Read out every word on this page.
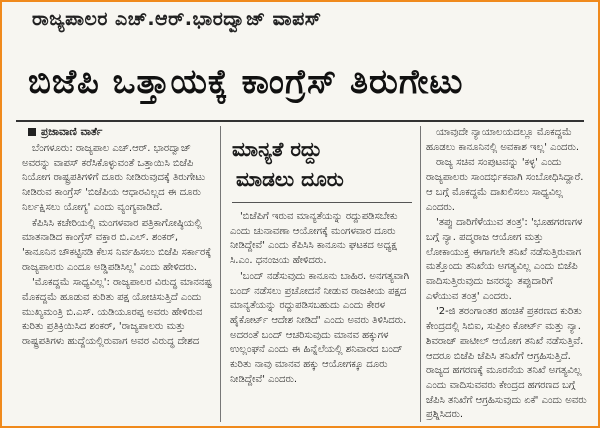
ರಾಜ್ಯಪಾಲರ ಎಚ್.ಆರ್.ಭಾರದ್ವಾಜ್ ವಾಪಸ್
ಬಿಜೆಪಿ ಒತ್ತಾಯಕ್ಕೆ ಕಾಂಗ್ರೆಸ್ ತಿರುಗೇಟು
ಪ್ರಜಾವಾಣಿ ವಾರ್ತೆ

ಬೆಂಗಳೂರು: ರಾಜ್ಯಪಾಲ ಎಚ್.ಆರ್. ಭಾರದ್ವಾಜ್ ಅವರನ್ನು ವಾಪಸ್ ಕರೆಸಿಕೊಳ್ಳುವಂತೆ ಒತ್ತಾಯಿಸಿ ಬಿಜೆಪಿ ನಿಯೋಗ ರಾಷ್ಟ್ರಪತಿಗಳಿಗೆ ದೂರು ನೀಡಿರುವುದಕ್ಕೆ ತಿರುಗೇಟು ನೀಡಿರುವ ಕಾಂಗ್ರೆಸ್ 'ಬಿಜೆಪಿಯ ಆಧಾರವಿಲ್ಲದ ಈ ದೂರು ನಿರ್ಲಕ್ಷಿಸಲು ಯೋಗ್ಯ' ಎಂದು ವ್ಯಂಗ್ಯವಾಡಿದೆ.

ಕೆಪಿಸಿಸಿ ಕಚೇರಿಯಲ್ಲಿ ಮಂಗಳವಾರ ಪತ್ರಿಕಾಗೋಷ್ಠಿಯಲ್ಲಿ ಮಾತನಾಡಿದ ಕಾಂಗ್ರೆಸ್ ವಕ್ತಾರ ಬಿ.ಎಲ್. ಶಂಕರ್, 'ಕಾನೂನಿನ ಚೌಕಟ್ಟಿನಡಿ ಕೆಲಸ ನಿರ್ವಹಿಸಲು ಬಿಜೆಪಿ ಸರ್ಕಾರಕ್ಕೆ ರಾಜ್ಯಪಾಲರು ಎಂದೂ ಅಡ್ಡಿಪಡಿಸಿಲ್ಲ' ಎಂದು ಹೇಳಿದರು.

'ಮೊಕದ್ದಮೆ ಸಾಧ್ಯವಿಲ್ಲ': ರಾಜ್ಯಪಾಲರ ವಿರುದ್ಧ ಮಾನನಷ್ಟ ಮೊಕದ್ದಮೆ ಹೂಡುವ ಕುರಿತು ಪಕ್ಷ ಯೋಚಿಸುತ್ತಿದೆ ಎಂದು ಮುಖ್ಯಮಂತ್ರಿ ಬಿ.ಎಸ್. ಯಡಿಯೂರಪ್ಪ ಅವರು ಹೇಳಿರುವ ಕುರಿತು ಪ್ರತಿಕ್ರಿಯಿಸಿದ ಶಂಕರ್, 'ರಾಜ್ಯಪಾಲರು ಮತ್ತು ರಾಷ್ಟ್ರಪತಿಗಳು ಹುದ್ದೆಯಲ್ಲಿರುವಾಗ ಅವರ ವಿರುದ್ಧ ದೇಶದ

ಮಾನ್ಯತೆ ರದ್ದು
ಮಾಡಲು ದೂರು

'ಬಿಜೆಪಿಗೆ ಇರುವ ಮಾನ್ಯತೆಯನ್ನು ರದ್ದುಪಡಿಸಬೇಕು ಎಂದು ಚುನಾವಣಾ ಆಯೋಗಕ್ಕೆ ಮಂಗಳವಾರ ದೂರು ನೀಡಿದ್ದೇವೆ' ಎಂದು ಕೆಪಿಸಿಸಿ ಕಾನೂನು ಘಟಕದ ಅಧ್ಯಕ್ಷ ಸಿ.ಎಂ. ಧನಂಜಯ ಹೇಳಿದರು.

'ಬಂದ್ ನಡೆಸುವುದು ಕಾನೂನು ಬಾಹಿರ. ಅನಗತ್ಯವಾಗಿ ಬಂದ್ ನಡೆಸಲು ಪ್ರಚೋದನೆ ನೀಡುವ ರಾಜಕೀಯ ಪಕ್ಷದ ಮಾನ್ಯತೆಯನ್ನು ರದ್ದುಪಡಿಸಬಹುದು ಎಂದು ಕೇರಳ ಹೈಕೋರ್ಟ್ ಆದೇಶ ನೀಡಿದೆ' ಎಂದು ಅವರು ತಿಳಿಸಿದರು. ಅದರಂತೆ ಬಂದ್ ಆಚರಿಸುವುದು ಮಾನವ ಹಕ್ಕುಗಳ ಉಲ್ಲಂಘನೆ ಎಂದು ಈ ಹಿನ್ನೆಲೆಯಲ್ಲಿ ಶನಿವಾರದ ಬಂದ್ ಕುರಿತು ನಾವು ಮಾನವ ಹಕ್ಕು ಆಯೋಗಕ್ಕೂ ದೂರು ನೀಡಿದ್ದೇವೆ' ಎಂದರು.

ಯಾವುದೇ ನ್ಯಾಯಾಲಯದಲ್ಲೂ ಮೊಕದ್ದಮೆ ಹೂಡಲು ಕಾನೂನಿನಲ್ಲಿ ಅವಕಾಶ ಇಲ್ಲ' ಎಂದರು.

ರಾಜ್ಯ ಸಚಿವ ಸಂಪುಟವನ್ನು 'ಕಳ್ಳ' ಎಂದು ರಾಜ್ಯಪಾಲರು ಸಾಂದರ್ಭಿಕವಾಗಿ ಸಂಬೋಧಿಸಿದ್ದಾರೆ. ಆ ಬಗ್ಗೆ ಮೊಕದ್ದಮೆ ದಾಖಲಿಸಲು ಸಾಧ್ಯವಿಲ್ಲ ಎಂದರು.

'ತಪ್ಪು ದಾರಿಗೆಳೆಯುವ ತಂತ್ರ': 'ಭೂಹಗರಣಗಳ ಬಗ್ಗೆ ನ್ಯಾ. ಪದ್ಮರಾಜ ಆಯೋಗ ಮತ್ತು ಲೋಕಾಯುಕ್ತ ಈಗಾಗಲೇ ತನಿಖೆ ನಡೆಸುತ್ತಿರುವಾಗ ಮತ್ತೊಂದು ತನಿಖೆಯ ಅಗತ್ಯವಿಲ್ಲ ಎಂದು ಬಿಜೆಪಿ ವಾದಿಸುತ್ತಿರುವುದು ಜನರನ್ನು ತಪ್ಪುದಾರಿಗೆ ಎಳೆಯುವ ತಂತ್ರ' ಎಂದರು.

'2-ಜಿ ತರಂಗಾಂತರ ಹಂಚಿಕೆ ಪ್ರಕರಣದ ಕುರಿತು ಕೇಂದ್ರದಲ್ಲಿ ಸಿಬಿಐ, ಸುಪ್ರೀಂ ಕೋರ್ಟ್ ಮತ್ತು ನ್ಯಾ. ಶಿವರಾಜ್ ಪಾಟೀಲ್ ಆಯೋಗ ತನಿಖೆ ನಡೆಸುತ್ತಿವೆ. ಆದರೂ ಬಿಜೆಪಿ ಜೆಪಿಸಿ ತನಿಖೆಗೆ ಆಗ್ರಹಿಸುತ್ತಿದೆ. ರಾಜ್ಯದ ಹಗರಣಕ್ಕೆ ಮೂರನೆಯ ತನಿಖೆ ಅಗತ್ಯವಿಲ್ಲ ಎಂದು ವಾದಿಸುವವರು ಕೇಂದ್ರದ ಹಗರಣದ ಬಗ್ಗೆ ಜೆಪಿಸಿ ತನಿಖೆಗೆ ಆಗ್ರಹಿಸುವುದು ಏಕೆ' ಎಂದು ಅವರು ಪ್ರಶ್ನಿಸಿದರು.
